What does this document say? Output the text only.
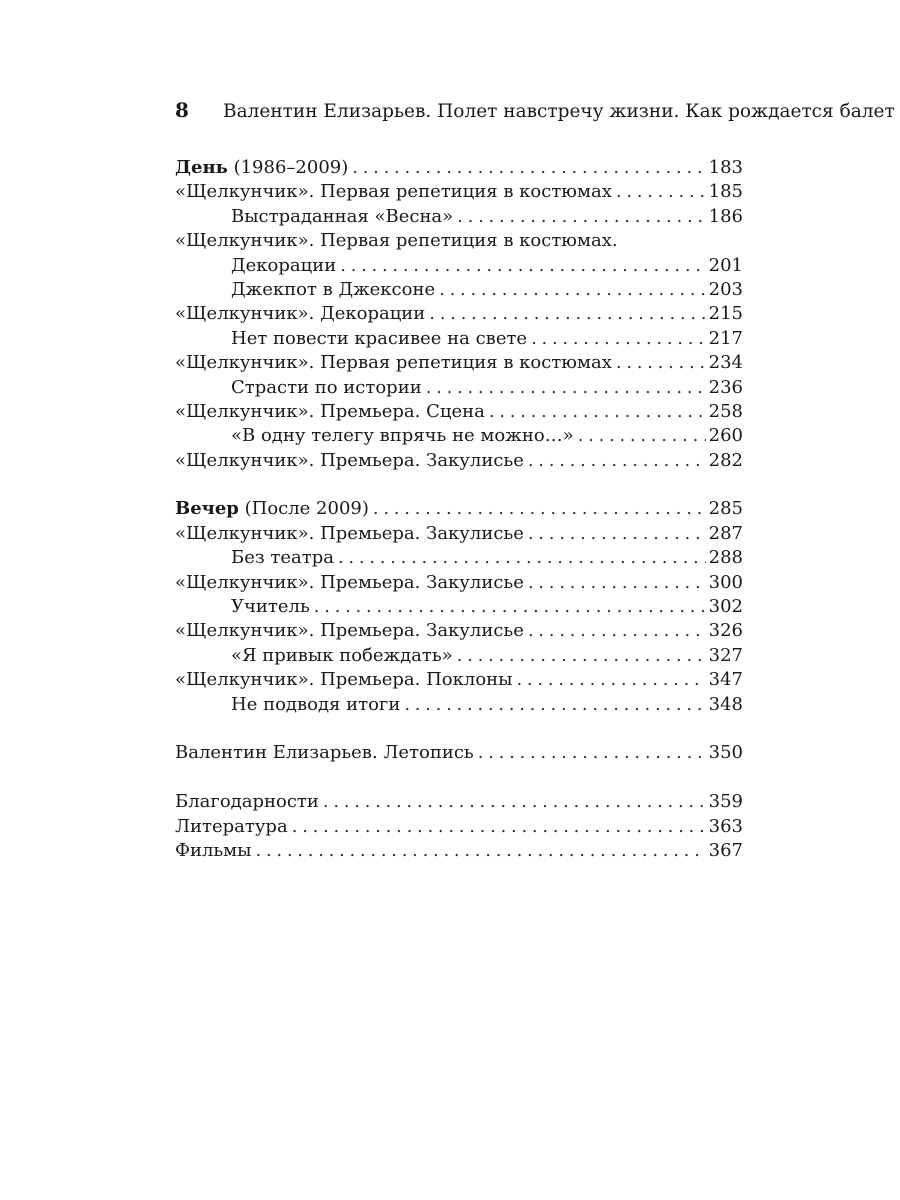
8 Валентин Елизарьев. Полет навстречу жизни. Как рождается балет
День (1986–2009) . . .	183
«Щелкунчик». Первая репетиция в костюмах . . .	185
Выстраданная «Весна» . . .	186
«Щелкунчик». Первая репетиция в костюмах.
Декорации . . .	201
Джекпот в Джексоне . . .	203
«Щелкунчик». Декорации . . .	215
Нет повести красивее на свете . . .	217
«Щелкунчик». Первая репетиция в костюмах . . .	234
Страсти по истории . . .	236
«Щелкунчик». Премьера. Сцена . . .	258
«В одну телегу впрячь не можно…» . . .	260
«Щелкунчик». Премьера. Закулисье . . .	282
Вечер (После 2009) . . .	285
«Щелкунчик». Премьера. Закулисье . . .	287
Без театра . . .	288
«Щелкунчик». Премьера. Закулисье . . .	300
Учитель . . .	302
«Щелкунчик». Премьера. Закулисье . . .	326
«Я привык побеждать» . . .	327
«Щелкунчик». Премьера. Поклоны . . .	347
Не подводя итоги . . .	348
Валентин Елизарьев. Летопись . . .	350
Благодарности . . .	359
Литература . . .	363
Фильмы . . .	367
